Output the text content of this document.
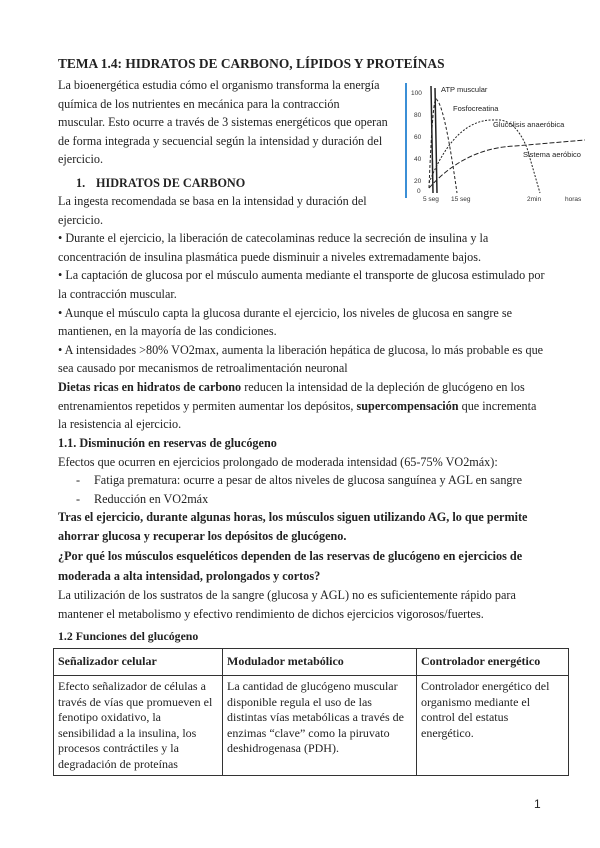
TEMA 1.4: HIDRATOS DE CARBONO, LÍPIDOS Y PROTEÍNAS

La bioenergética estudia cómo el organismo transforma la energía química de los nutrientes en mecánica para la contracción muscular. Esto ocurre a través de 3 sistemas energéticos que operan de forma integrada y secuencial según la intensidad y duración del ejercicio.

100
80
60
40
20
0
5 seg 15 seg	2min	horas
ATP muscular
Fosfocreatina
Glucólisis anaeróbica
Sistema aeróbico
1. HIDRATOS DE CARBONO

La ingesta recomendada se basa en la intensidad y duración del ejercicio.

• Durante el ejercicio, la liberación de catecolaminas reduce la secreción de insulina y la concentración de insulina plasmática puede disminuir a niveles extremadamente bajos.

• La captación de glucosa por el músculo aumenta mediante el transporte de glucosa estimulado por la contracción muscular.

• Aunque el músculo capta la glucosa durante el ejercicio, los niveles de glucosa en sangre se mantienen, en la mayoría de las condiciones.

• A intensidades >80% VO2max, aumenta la liberación hepática de glucosa, lo más probable es que sea causado por mecanismos de retroalimentación neuronal

Dietas ricas en hidratos de carbono reducen la intensidad de la depleción de glucógeno en los entrenamientos repetidos y permiten aumentar los depósitos, supercompensación que incrementa la resistencia al ejercicio.

1.1. Disminución en reservas de glucógeno

Efectos que ocurren en ejercicios prolongado de moderada intensidad (65-75% VO2máx):

- Fatiga prematura: ocurre a pesar de altos niveles de glucosa sanguínea y AGL en sangre

- Reducción en VO2máx

Tras el ejercicio, durante algunas horas, los músculos siguen utilizando AG, lo que permite ahorrar glucosa y recuperar los depósitos de glucógeno.

¿Por qué los músculos esqueléticos dependen de las reservas de glucógeno en ejercicios de moderada a alta intensidad, prolongados y cortos?

La utilización de los sustratos de la sangre (glucosa y AGL) no es suficientemente rápido para mantener el metabolismo y efectivo rendimiento de dichos ejercicios vigorosos/fuertes.

1.2 Funciones del glucógeno
Señalizador celular	Modulador metabólico	Controlador energético
Efecto señalizador de células a través de vías que promueven el fenotipo oxidativo, la sensibilidad a la insulina, los procesos contráctiles y la degradación de proteínas	La cantidad de glucógeno muscular disponible regula el uso de las distintas vías metabólicas a través de enzimas “clave” como la piruvato deshidrogenasa (PDH).	Controlador energético del organismo mediante el control del estatus energético.
1
